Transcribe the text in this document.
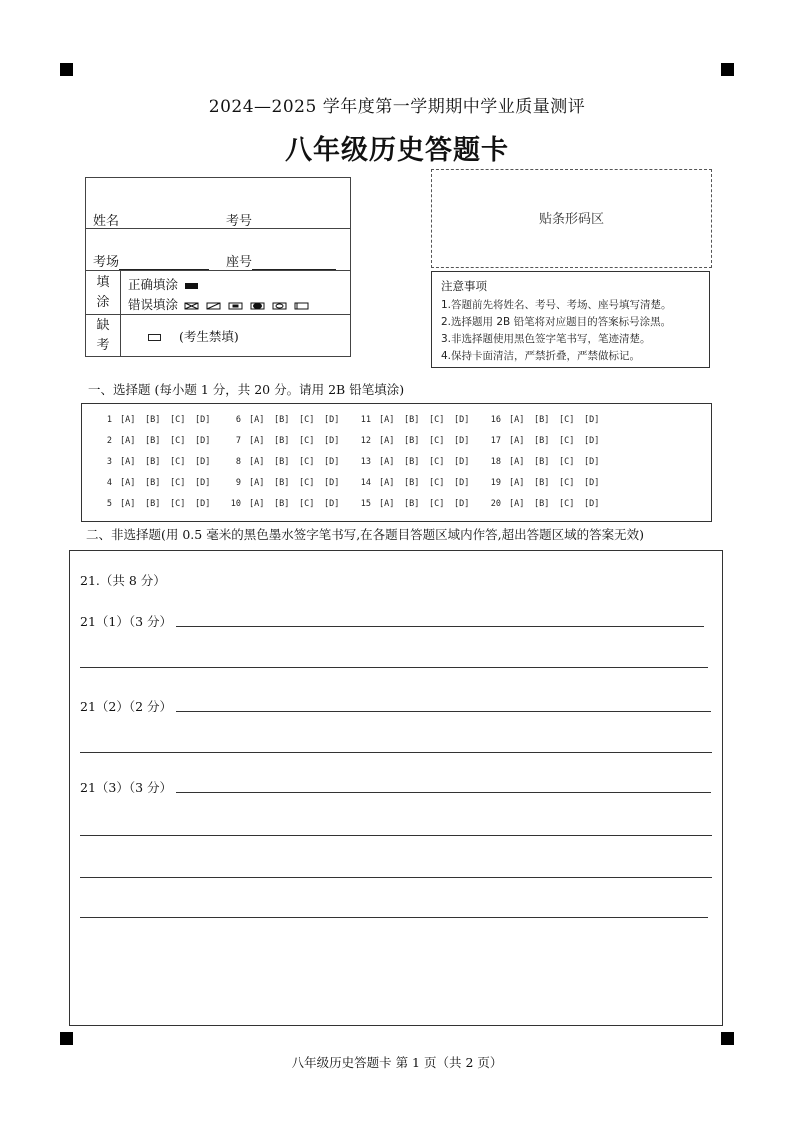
2024—2025 学年度第一学期期中学业质量测评
八年级历史答题卡
姓名	考号
考场	座号
填
涂
正确填涂
错误填涂
缺
考
(考生禁填)
贴条形码区
注意事项
1.答题前先将姓名、考号、考场、座号填写清楚。
2.选择题用 2B 铅笔将对应题目的答案标号涂黑。
3.非选择题使用黑色签字笔书写，笔迹清楚。
4.保持卡面清洁，严禁折叠，严禁做标记。
一、选择题 (每小题 1 分，共 20 分。请用 2B 铅笔填涂)
1 [A] [B] [C] [D]	6 [A] [B] [C] [D]	11 [A] [B] [C] [D]	16 [A] [B] [C] [D]
2 [A] [B] [C] [D]	7 [A] [B] [C] [D]	12 [A] [B] [C] [D]	17 [A] [B] [C] [D]
3 [A] [B] [C] [D]	8 [A] [B] [C] [D]	13 [A] [B] [C] [D]	18 [A] [B] [C] [D]
4 [A] [B] [C] [D]	9 [A] [B] [C] [D]	14 [A] [B] [C] [D]	19 [A] [B] [C] [D]
5 [A] [B] [C] [D]	10 [A] [B] [C] [D]	15 [A] [B] [C] [D]	20 [A] [B] [C] [D]
二、非选择题(用 0.5 毫米的黑色墨水签字笔书写,在各题目答题区域内作答,超出答题区域的答案无效)
21.（共 8 分）
21（1）（3 分）
21（2）（2 分）
21（3）（3 分）
八年级历史答题卡 第 1 页（共 2 页）
